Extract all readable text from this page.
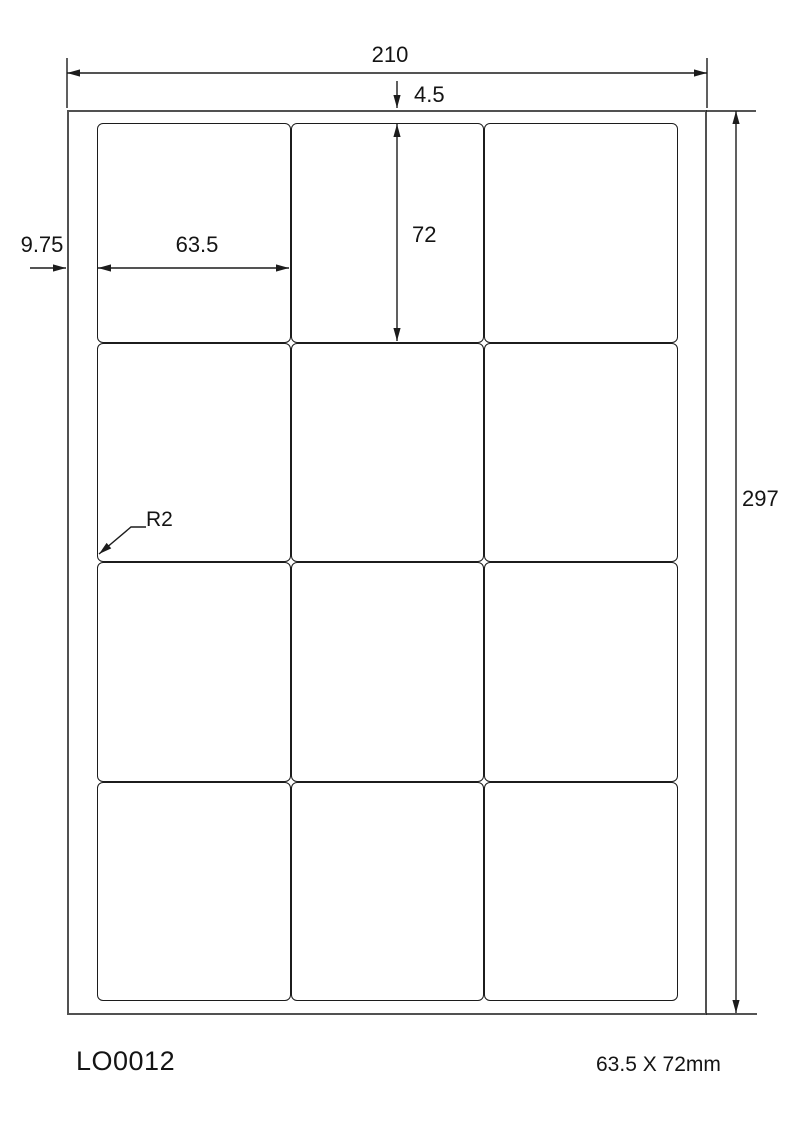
210
4.5
72
63.5
9.75
297
R2
LO0012	63.5 X 72mm
